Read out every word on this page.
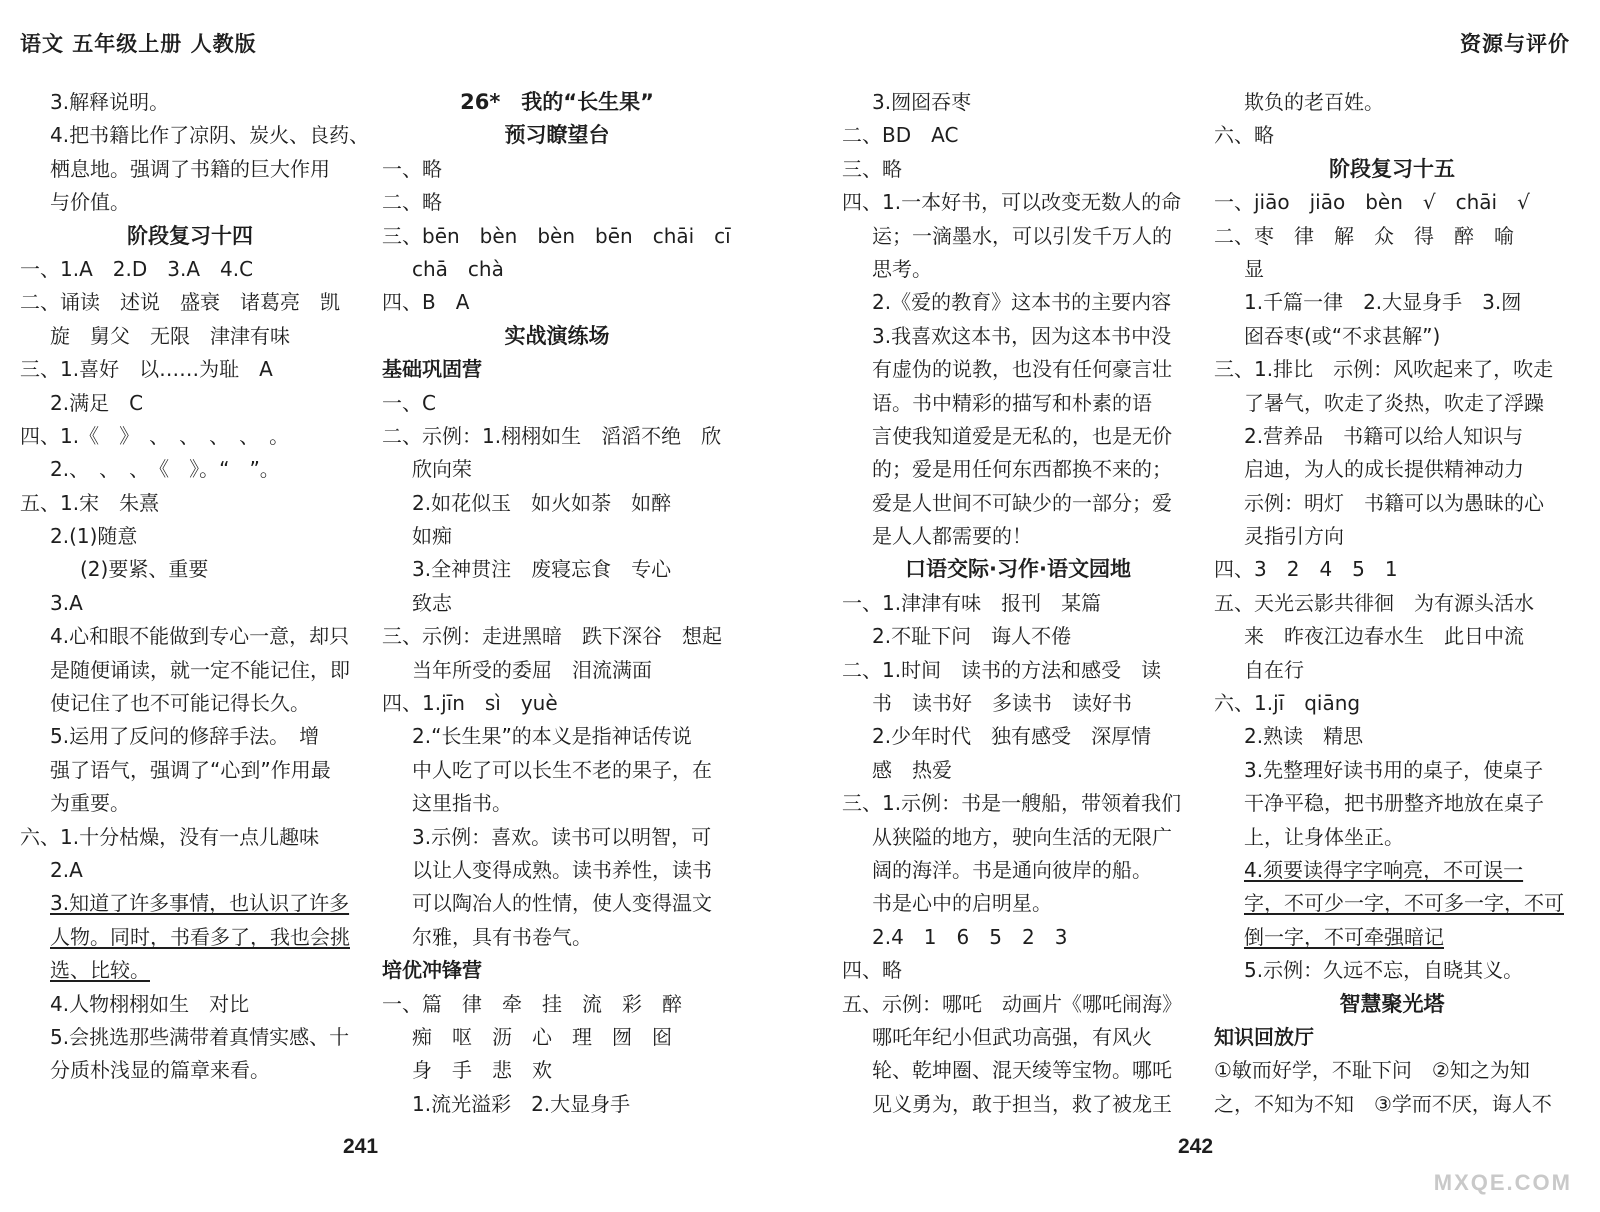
语文 五年级上册 人教版	资源与评价
3.解释说明。
4.把书籍比作了凉阴、炭火、良药、
栖息地。强调了书籍的巨大作用
与价值。
阶段复习十四
一、1.A　2.D　3.A　4.C
二、诵读　述说　盛衰　诸葛亮　凯
旋　舅父　无限　津津有味
三、1.喜好　以……为耻　A
2.满足　C
四、1.《　》　、　、　、　、　。
2.、　、　、　《　》。“　”。
五、1.宋　朱熹
2.(1)随意
(2)要紧、重要
3.A
4.心和眼不能做到专心一意，却只
是随便诵读，就一定不能记住，即
使记住了也不可能记得长久。
5.运用了反问的修辞手法。　增
强了语气，强调了“心到”作用最
为重要。
六、1.十分枯燥，没有一点儿趣味
2.A
3.知道了许多事情，也认识了许多
人物。同时，书看多了，我也会挑
选、比较。
4.人物栩栩如生　对比
5.会挑选那些满带着真情实感、十
分质朴浅显的篇章来看。
26*　我的“长生果”
预习瞭望台
一、略
二、略
三、bēn　bèn　bèn　bēn　chāi　cī
chā　chà
四、B　A
实战演练场
基础巩固营
一、C
二、示例：1.栩栩如生　滔滔不绝　欣
欣向荣
2.如花似玉　如火如荼　如醉
如痴
3.全神贯注　废寝忘食　专心
致志
三、示例：走进黑暗　跌下深谷　想起
当年所受的委屈　泪流满面
四、1.jīn　sì　yuè
2.“长生果”的本义是指神话传说
中人吃了可以长生不老的果子，在
这里指书。
3.示例：喜欢。读书可以明智，可
以让人变得成熟。读书养性，读书
可以陶冶人的性情，使人变得温文
尔雅，具有书卷气。
培优冲锋营
一、篇　律　牵　挂　流　彩　醉
痴　呕　沥　心　理　囫　囵
身　手　悲　欢
1.流光溢彩　2.大显身手
3.囫囵吞枣
二、BD　AC
三、略
四、1.一本好书，可以改变无数人的命
运；一滴墨水，可以引发千万人的
思考。
2.《爱的教育》这本书的主要内容
3.我喜欢这本书，因为这本书中没
有虚伪的说教，也没有任何豪言壮
语。书中精彩的描写和朴素的语
言使我知道爱是无私的，也是无价
的；爱是用任何东西都换不来的；
爱是人世间不可缺少的一部分；爱
是人人都需要的！
口语交际·习作·语文园地
一、1.津津有味　报刊　某篇
2.不耻下问　诲人不倦
二、1.时间　读书的方法和感受　读
书　读书好　多读书　读好书
2.少年时代　独有感受　深厚情
感　热爱
三、1.示例：书是一艘船，带领着我们
从狭隘的地方，驶向生活的无限广
阔的海洋。书是通向彼岸的船。
书是心中的启明星。
2.4　1　6　5　2　3
四、略
五、示例：哪吒　动画片《哪吒闹海》
哪吒年纪小但武功高强，有风火
轮、乾坤圈、混天绫等宝物。哪吒
见义勇为，敢于担当，救了被龙王
欺负的老百姓。
六、略
阶段复习十五
一、jiāo　jiāo　bèn　√　chāi　√
二、枣　律　解　众　得　醉　喻
显
1.千篇一律　2.大显身手　3.囫
囵吞枣(或“不求甚解”)
三、1.排比　示例：风吹起来了，吹走
了暑气，吹走了炎热，吹走了浮躁
2.营养品　书籍可以给人知识与
启迪，为人的成长提供精神动力
示例：明灯　书籍可以为愚昧的心
灵指引方向
四、3　2　4　5　1
五、天光云影共徘徊　为有源头活水
来　昨夜江边春水生　此日中流
自在行
六、1.jī　qiāng
2.熟读　精思
3.先整理好读书用的桌子，使桌子
干净平稳，把书册整齐地放在桌子
上，让身体坐正。
4.须要读得字字响亮，不可误一
字，不可少一字，不可多一字，不可
倒一字，不可牵强暗记
5.示例：久远不忘，自晓其义。
智慧聚光塔
知识回放厅
①敏而好学，不耻下问　②知之为知
之，不知为不知　③学而不厌，诲人不
241	242
MXQE.COM
